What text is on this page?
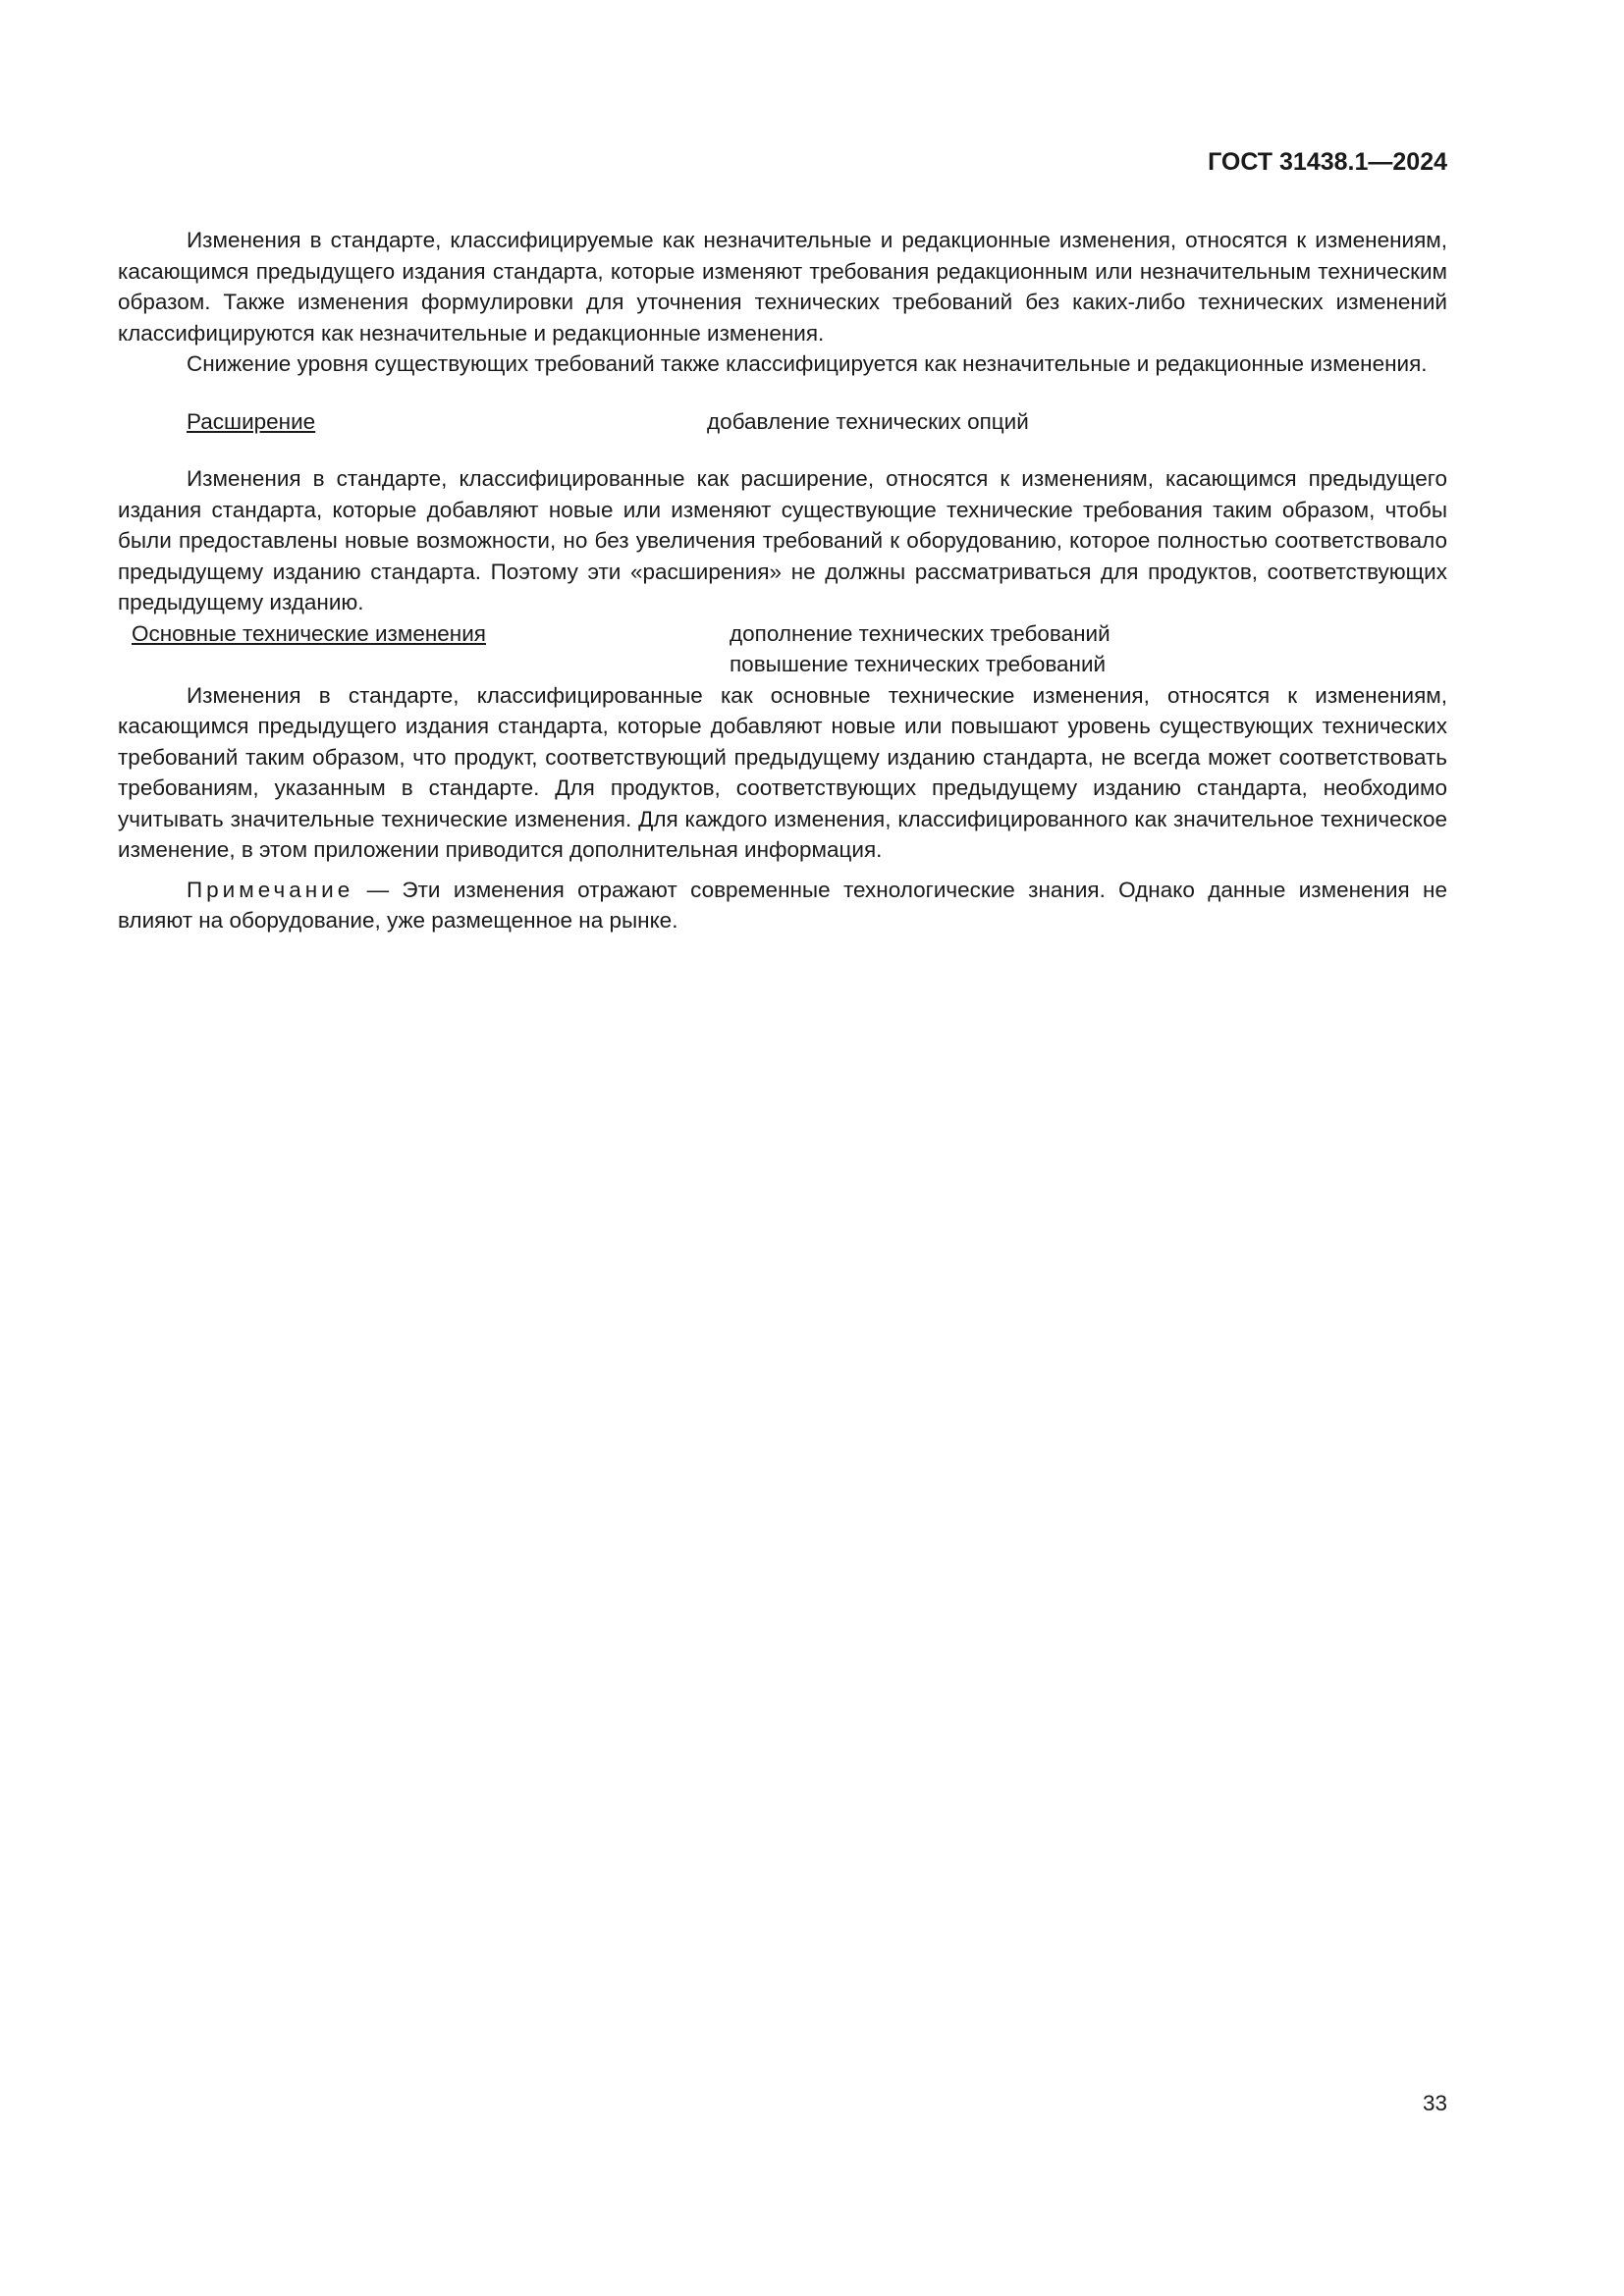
ГОСТ 31438.1—2024

Изменения в стандарте, классифицируемые как незначительные и редакционные изменения, относятся к изменениям, касающимся предыдущего издания стандарта, которые изменяют требования редакционным или незначительным техническим образом. Также изменения формулировки для уточнения технических требований без каких-либо технических изменений классифицируются как незначительные и редакционные изменения.

Снижение уровня существующих требований также классифицируется как незначительные и редакционные изменения.

Расширение	добавление технических опций

Изменения в стандарте, классифицированные как расширение, относятся к изменениям, касающимся предыдущего издания стандарта, которые добавляют новые или изменяют существующие технические требования таким образом, чтобы были предоставлены новые возможности, но без увеличения требований к оборудованию, которое полностью соответствовало предыдущему изданию стандарта. Поэтому эти «расширения» не должны рассматриваться для продуктов, соответствующих предыдущему изданию.

Основные технические изменения	дополнение технических требований
повышение технических требований

Изменения в стандарте, классифицированные как основные технические изменения, относятся к изменениям, касающимся предыдущего издания стандарта, которые добавляют новые или повышают уровень существующих технических требований таким образом, что продукт, соответствующий предыдущему изданию стандарта, не всегда может соответствовать требованиям, указанным в стандарте. Для продуктов, соответствующих предыдущему изданию стандарта, необходимо учитывать значительные технические изменения. Для каждого изменения, классифицированного как значительное техническое изменение, в этом приложении приводится дополнительная информация.

Примечание — Эти изменения отражают современные технологические знания. Однако данные изменения не влияют на оборудование, уже размещенное на рынке.

33
